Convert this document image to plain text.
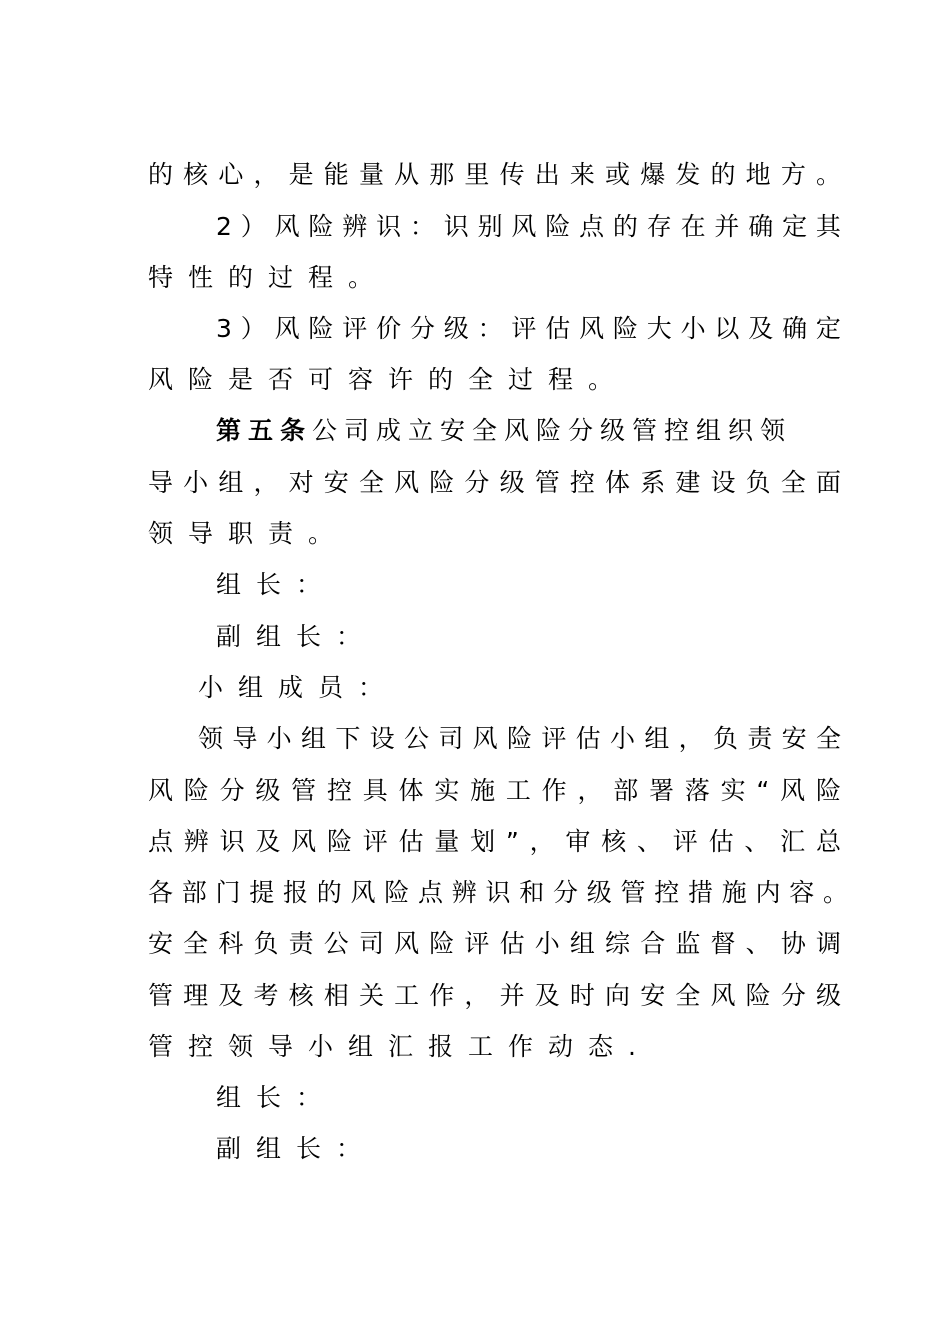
的核心，是能量从那里传出来或爆发的地方。
2）风险辨识：识别风险点的存在并确定其
特性的过程。
3）风险评价分级：评估风险大小以及确定
风险是否可容许的全过程。
第五条公司成立安全风险分级管控组织领
导小组，对安全风险分级管控体系建设负全面
领导职责。
组长：
副组长：
小组成员：
领导小组下设公司风险评估小组，负责安全
风险分级管控具体实施工作，部署落实“风险
点辨识及风险评估量划”，审核、评估、汇总
各部门提报的风险点辨识和分级管控措施内容。
安全科负责公司风险评估小组综合监督、协调
管理及考核相关工作，并及时向安全风险分级
管控领导小组汇报工作动态.
组长：
副组长：
